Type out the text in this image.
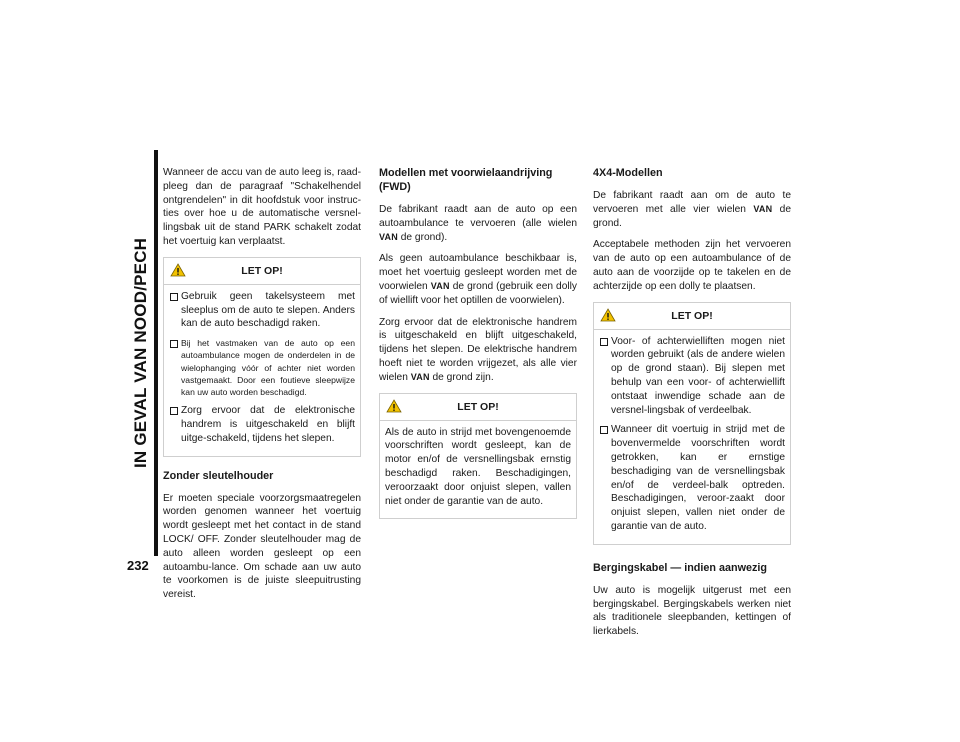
IN GEVAL VAN NOOD/PECH
232

Wanneer de accu van de auto leeg is, raad-pleeg dan de paragraaf "Schakelhendel ontgrendelen" in dit hoofdstuk voor instruc-ties over hoe u de automatische versnel-lingsbak uit de stand PARK schakelt zodat het voertuig kan verplaatst.

LET OP!
Gebruik geen takelsysteem met sleeplus om de auto te slepen. Anders kan de auto beschadigd raken.
Bij het vastmaken van de auto op een autoambulance mogen de onderdelen in de wielophanging vóór of achter niet worden vastgemaakt. Door een foutieve sleepwijze kan uw auto worden beschadigd.
Zorg ervoor dat de elektronische handrem is uitgeschakeld en blijft uitge-schakeld, tijdens het slepen.
Zonder sleutelhouder

Er moeten speciale voorzorgsmaatregelen worden genomen wanneer het voertuig wordt gesleept met het contact in de stand LOCK/ OFF. Zonder sleutelhouder mag de auto alleen worden gesleept op een autoambu-lance. Om schade aan uw auto te voorkomen is de juiste sleepuitrusting vereist.

Modellen met voorwielaandrijving (FWD)

De fabrikant raadt aan de auto op een autoambulance te vervoeren (alle wielen VAN de grond).

Als geen autoambulance beschikbaar is, moet het voertuig gesleept worden met de voorwielen VAN de grond (gebruik een dolly of wiellift voor het optillen de voorwielen).

Zorg ervoor dat de elektronische handrem is uitgeschakeld en blijft uitgeschakeld, tijdens het slepen. De elektrische handrem hoeft niet te worden vrijgezet, als alle vier wielen VAN de grond zijn.

LET OP!

Als de auto in strijd met bovengenoemde voorschriften wordt gesleept, kan de motor en/of de versnellingsbak ernstig beschadigd raken. Beschadigingen, veroorzaakt door onjuist slepen, vallen niet onder de garantie van de auto.

4X4-Modellen

De fabrikant raadt aan om de auto te vervoeren met alle vier wielen VAN de grond.

Acceptabele methoden zijn het vervoeren van de auto op een autoambulance of de auto aan de voorzijde op te takelen en de achterzijde op een dolly te plaatsen.

LET OP!
Voor- of achterwielliften mogen niet worden gebruikt (als de andere wielen op de grond staan). Bij slepen met behulp van een voor- of achterwiellift ontstaat inwendige schade aan de versnel-lingsbak of verdeelbak.
Wanneer dit voertuig in strijd met de bovenvermelde voorschriften wordt getrokken, kan er ernstige beschadiging van de versnellingsbak en/of de verdeel-balk optreden. Beschadigingen, veroor-zaakt door onjuist slepen, vallen niet onder de garantie van de auto.
Bergingskabel — indien aanwezig

Uw auto is mogelijk uitgerust met een bergingskabel. Bergingskabels werken niet als traditionele sleepbanden, kettingen of lierkabels.
